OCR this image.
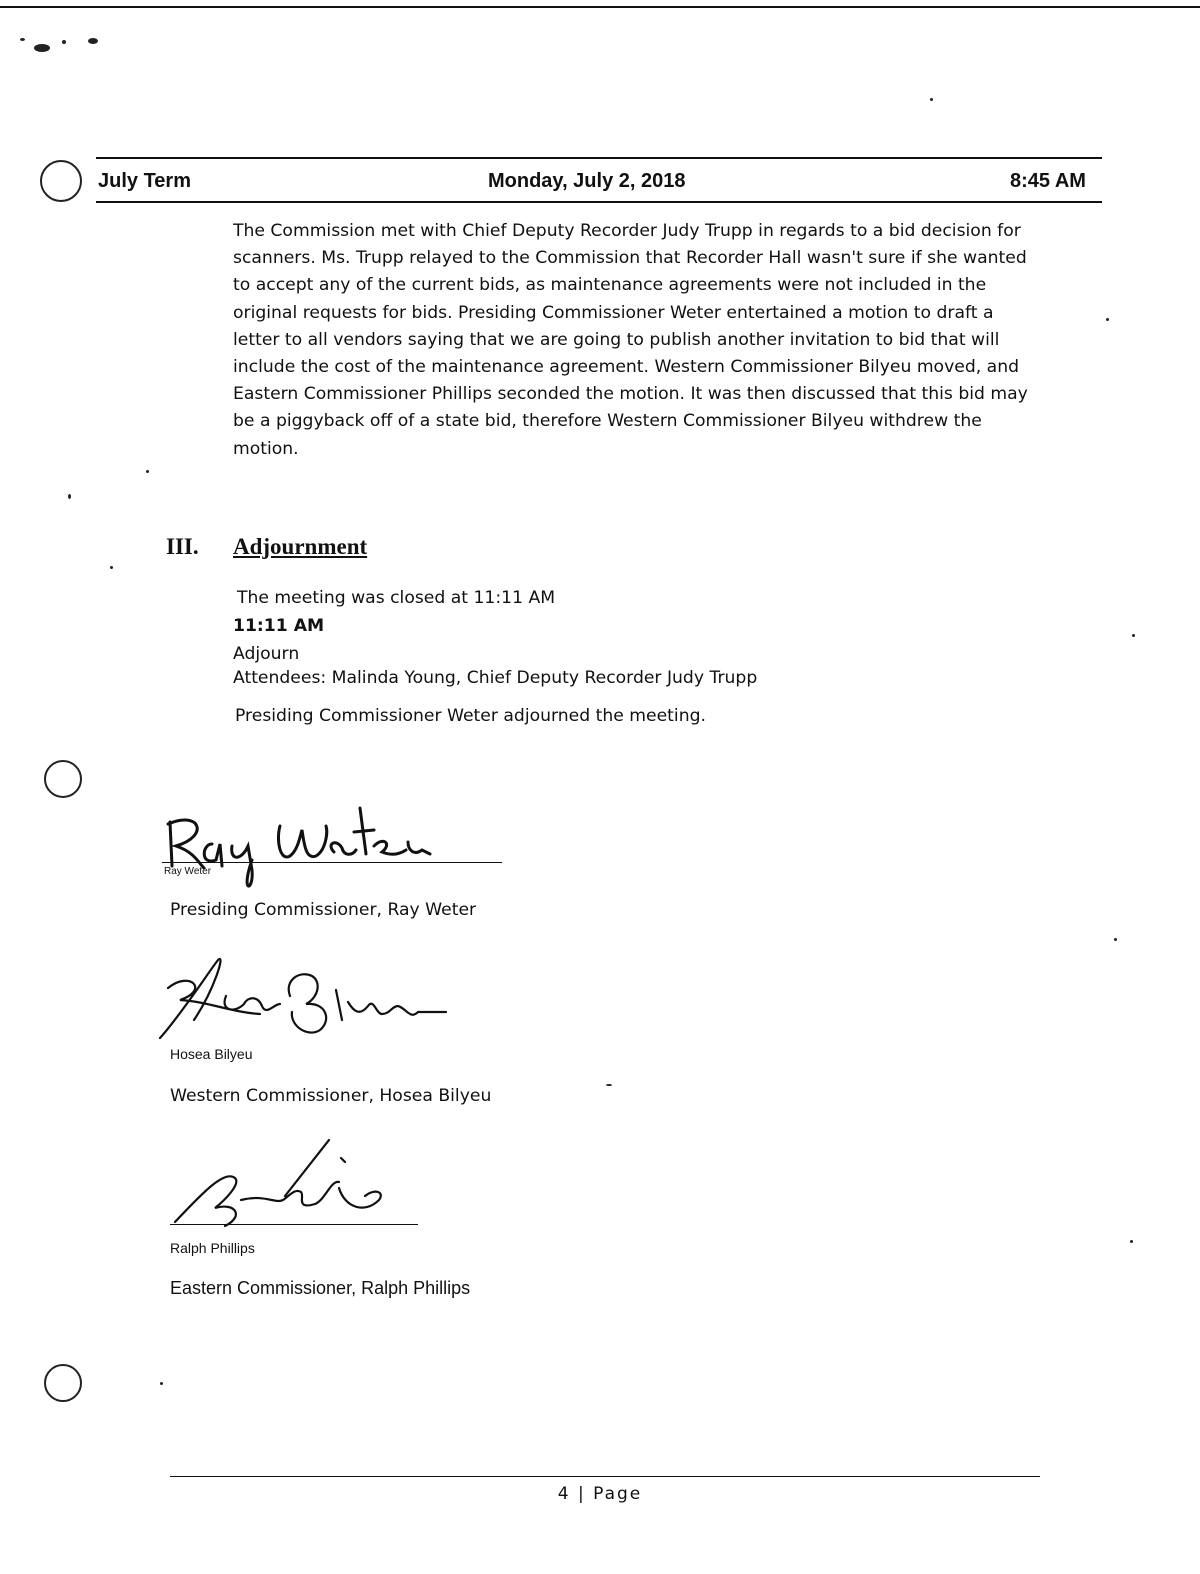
July Term	Monday, July 2, 2018	8:45 AM

The Commission met with Chief Deputy Recorder Judy Trupp in regards to a bid decision for scanners. Ms. Trupp relayed to the Commission that Recorder Hall wasn't sure if she wanted to accept any of the current bids, as maintenance agreements were not included in the original requests for bids. Presiding Commissioner Weter entertained a motion to draft a letter to all vendors saying that we are going to publish another invitation to bid that will include the cost of the maintenance agreement. Western Commissioner Bilyeu moved, and Eastern Commissioner Phillips seconded the motion. It was then discussed that this bid may be a piggyback off of a state bid, therefore Western Commissioner Bilyeu withdrew the motion.

III. Adjournment
The meeting was closed at 11:11 AM
11:11 AM
Adjourn
Attendees: Malinda Young, Chief Deputy Recorder Judy Trupp
Presiding Commissioner Weter adjourned the meeting.
Ray Weter
Presiding Commissioner, Ray Weter
Hosea Bilyeu
Western Commissioner, Hosea Bilyeu
Ralph Phillips
Eastern Commissioner, Ralph Phillips
4 | Page
